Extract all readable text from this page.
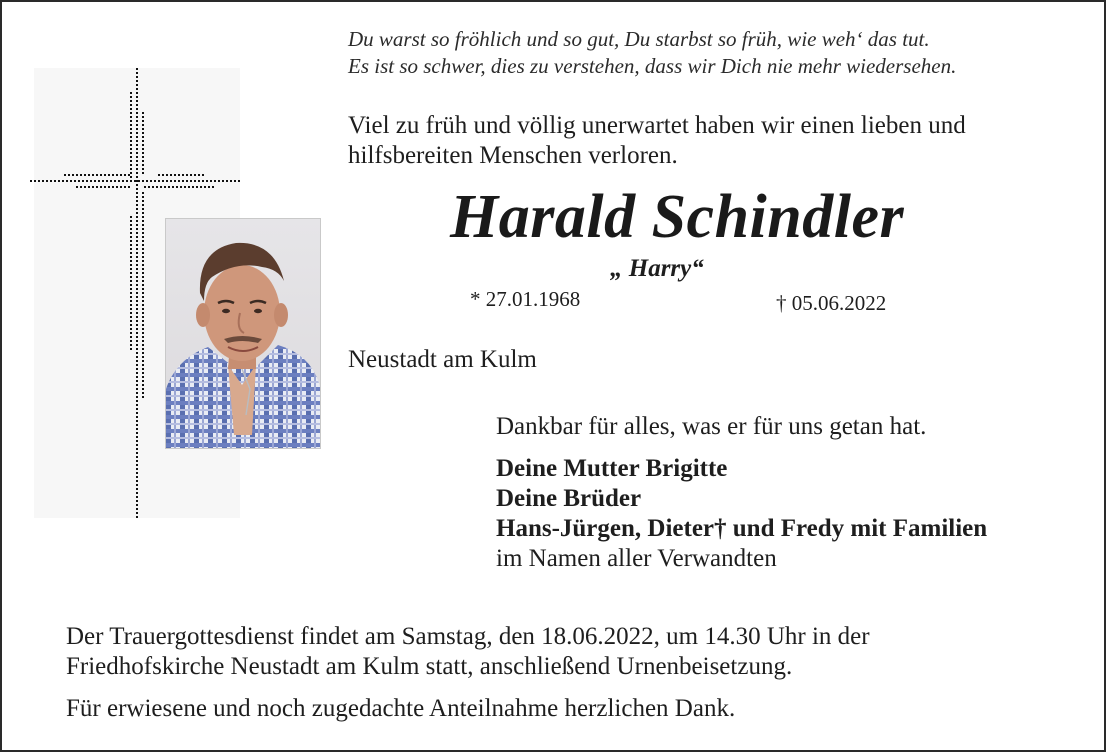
Du warst so fröhlich und so gut, Du starbst so früh, wie weh‘ das tut.
Es ist so schwer, dies zu verstehen, dass wir Dich nie mehr wiedersehen.
Viel zu früh und völlig unerwartet haben wir einen lieben und
hilfsbereiten Menschen verloren.
Harald Schindler
„ Harry“
* 27.01.1968	† 05.06.2022
Neustadt am Kulm
Dankbar für alles, was er für uns getan hat.
Deine Mutter Brigitte
Deine Brüder
Hans-Jürgen, Dieter† und Fredy mit Familien
im Namen aller Verwandten
Der Trauergottesdienst findet am Samstag, den 18.06.2022, um 14.30 Uhr in der
Friedhofskirche Neustadt am Kulm statt, anschließend Urnenbeisetzung.
Für erwiesene und noch zugedachte Anteilnahme herzlichen Dank.
